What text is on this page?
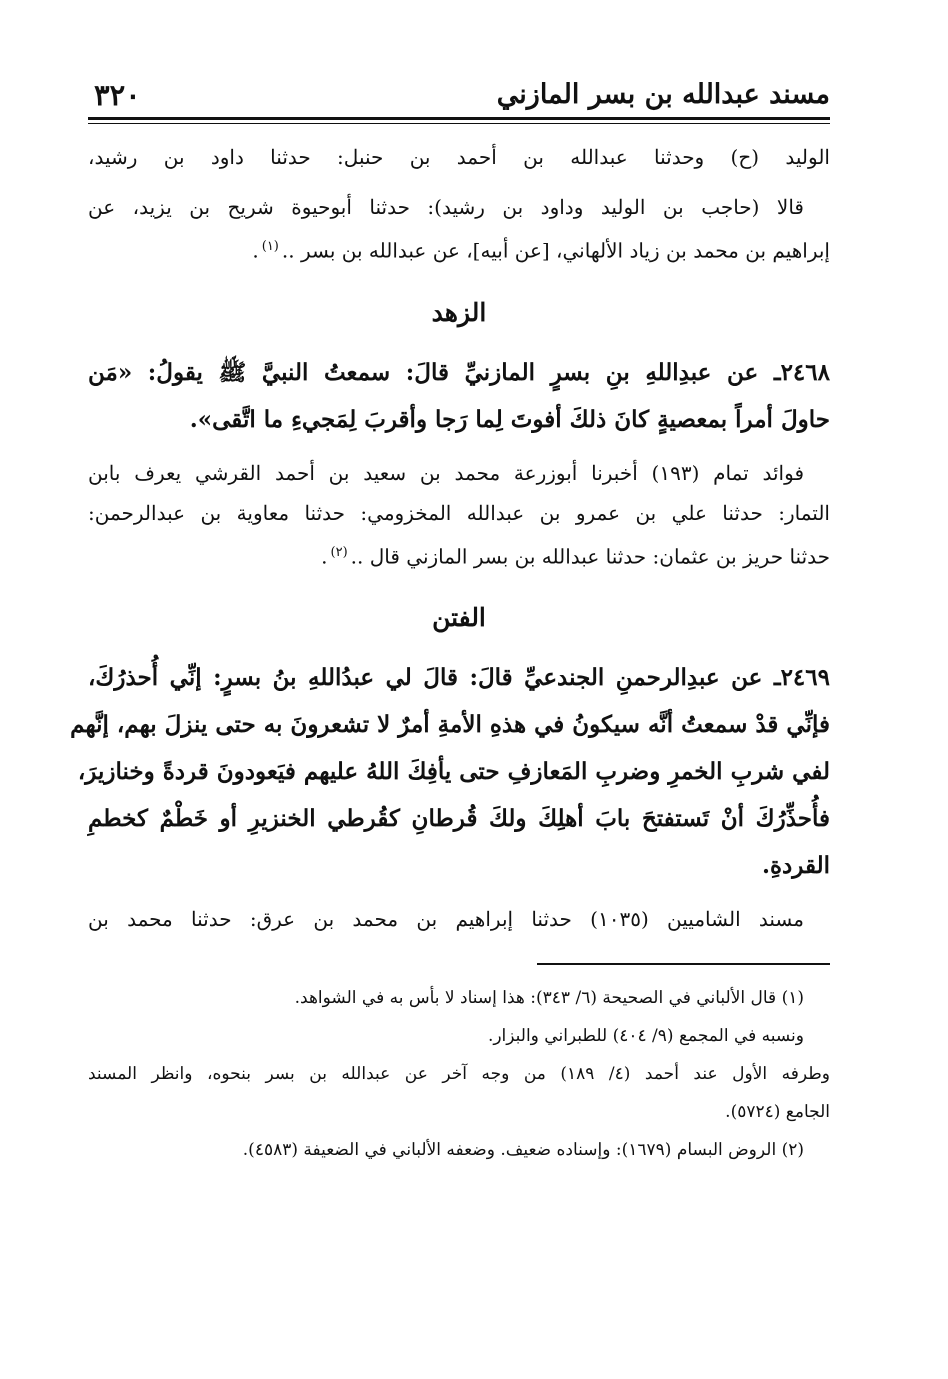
مسند عبدالله بن بسر المازني
٣٢٠
الوليد (ح) وحدثنا عبدالله بن أحمد بن حنبل: حدثنا داود بن رشيد،
قالا (حاجب بن الوليد وداود بن رشيد): حدثنا أبوحيوة شريح بن يزيد، عن
إبراهيم بن محمد بن زياد الألهاني، [عن أبيه]، عن عبدالله بن بسر ..$^{(١)}$.
الزهد
٢٤٦٨ـ عن عبدِاللهِ بنِ بسرٍ المازنيِّ قالَ: سمعتُ النبيَّ ﷺ يقولُ: «مَن
حاولَ أمراً بمعصيةٍ كانَ ذلكَ أفوتَ لِما رَجا وأقربَ لِمَجيءِ ما اتَّقى».
فوائد تمام (١٩٣) أخبرنا أبوزرعة محمد بن سعيد بن أحمد القرشي يعرف بابن
التمار: حدثنا علي بن عمرو بن عبدالله المخزومي: حدثنا معاوية بن عبدالرحمن:
حدثنا حريز بن عثمان: حدثنا عبدالله بن بسر المازني قال ..$^{(٢)}$.
الفتن
٢٤٦٩ـ عن عبدِالرحمنِ الجندعيِّ قالَ: قالَ لي عبدُاللهِ بنُ بسرٍ: إنِّي أُحذرُكَ،
فإنِّي قدْ سمعتُ أنَّه سيكونُ في هذهِ الأمةِ أمرٌ لا تشعرونَ به حتى ينزلَ بهم، إنَّهم
لفي شربِ الخمرِ وضربِ المَعازفِ حتى يأفِكَ اللهُ عليهم فيَعودونَ قردةً وخنازيرَ،
فأُحذِّرُكَ أنْ تَستفتحَ بابَ أهلِكَ ولكَ قُرطانِ كقُرطي الخنزيرِ أو خَطْمٌ كخطمِ
القردةِ.
مسند الشاميين (١٠٣٥) حدثنا إبراهيم بن محمد بن عرق: حدثنا محمد بن
(١) قال الألباني في الصحيحة (٦/ ٣٤٣): هذا إسناد لا بأس به في الشواهد.
ونسبه في المجمع (٩/ ٤٠٤) للطبراني والبزار.
وطرفه الأول عند أحمد (٤/ ١٨٩) من وجه آخر عن عبدالله بن بسر بنحوه، وانظر المسند
الجامع (٥٧٢٤).
(٢) الروض البسام (١٦٧٩): وإسناده ضعيف. وضعفه الألباني في الضعيفة (٤٥٨٣).
